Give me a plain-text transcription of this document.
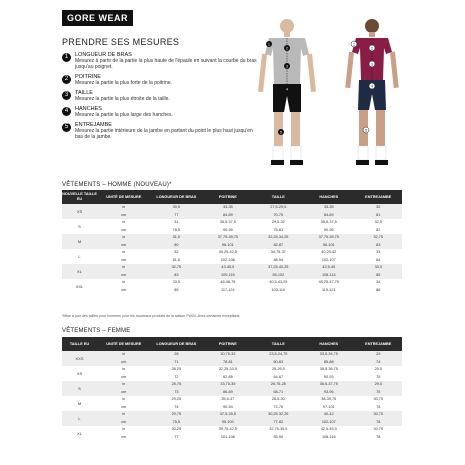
GORE WEAR
PRENDRE SES MESURES
1	LONGUEUR DE BRAS
Mesurez à partir de la partie la plus haute de l'épaule en suivant la courbe du bras jusqu'au poignet.
2	POITRINE
Mesurez la partie la plus forte de la poitrine.
3	TAILLE
Mesurez la partie la plus étroite de la taille.
4	HANCHES
Mesurez la partie la plus large des hanches.
5	ENTREJAMBE
Mesurez la partie intérieure de la jambe en partant du point le plus haut jusqu'en bas de la jambe.
2
3
4
1
5
2
3
4
1
5
VÊTEMENTS – HOMME (NOUVEAU)*
NOUVELLE TAILLE EU	UNITÉ DE MESURE	LONGUEUR DE BRAS	POITRINE	TAILLE	HANCHES	ENTREJAMBE
XS	in	30,5	33-35	27,5-29,5	33-35	32
	cm	77	84-89	70-75	84-89	81
S	in	31	35,5-37,5	29,5-32	35,5-37,5	32,5
	cm	78,5	90-95	75-81	90-95	82
M	in	31,5	37,75-39,75	32,25-34,25	37,75-39,75	32,75
	cm	80	96-101	82-87	96-101	83
L	in	32	40,25-42,5	34,75-37	40,25-42	33
	cm	81,5	102-108	88-94	102-107	84
XL	in	32,75	43-45,5	37,25-40,25	42,5-45	33,5
	cm	83	109-116	95-102	108-114	85
XXL	in	33,5	46-48,75	40,5-43,25	45,25-47,75	34
	cm	85	117-124	103-110	115-121	86
*Mise à jour des tailles pour hommes pour les nouveaux produits de la saison FW24. Avec certaines exceptions.
VÊTEMENTS – FEMME
TAILLE EU	UNITÉ DE MESURE	LONGUEUR DE BRAS	POITRINE	TAILLE	HANCHES	ENTREJAMBE
XXS	in	28	30,75-33	23,5-24,75	33,5-34,75	29
	cm	71	78-81	60-63	85-88	74
XS	in	28,25	32,25-33,5	25-26,5	35,5-36,75	29,5
	cm	72	82-85	64-67	90-93	75
S	in	28,75	33,75-35	26,75-28	36,5-37,75	29,5
	cm	73	86-89	68-71	93-96	75
M	in	29,25	35,5-37	28,5-30	38-39,75	30,75
	cm	74	90-94	72-76	97-101	78
L	in	29,75	37,5-39,5	30,25-32,25	40-42	30,75
	cm	75,5	95-100	77-82	102-107	78
XL	in	30,25	39,75-42,5	32,75-35,5	42,5-45,5	30,75
	cm	77	101-108	83-90	108-116	78
